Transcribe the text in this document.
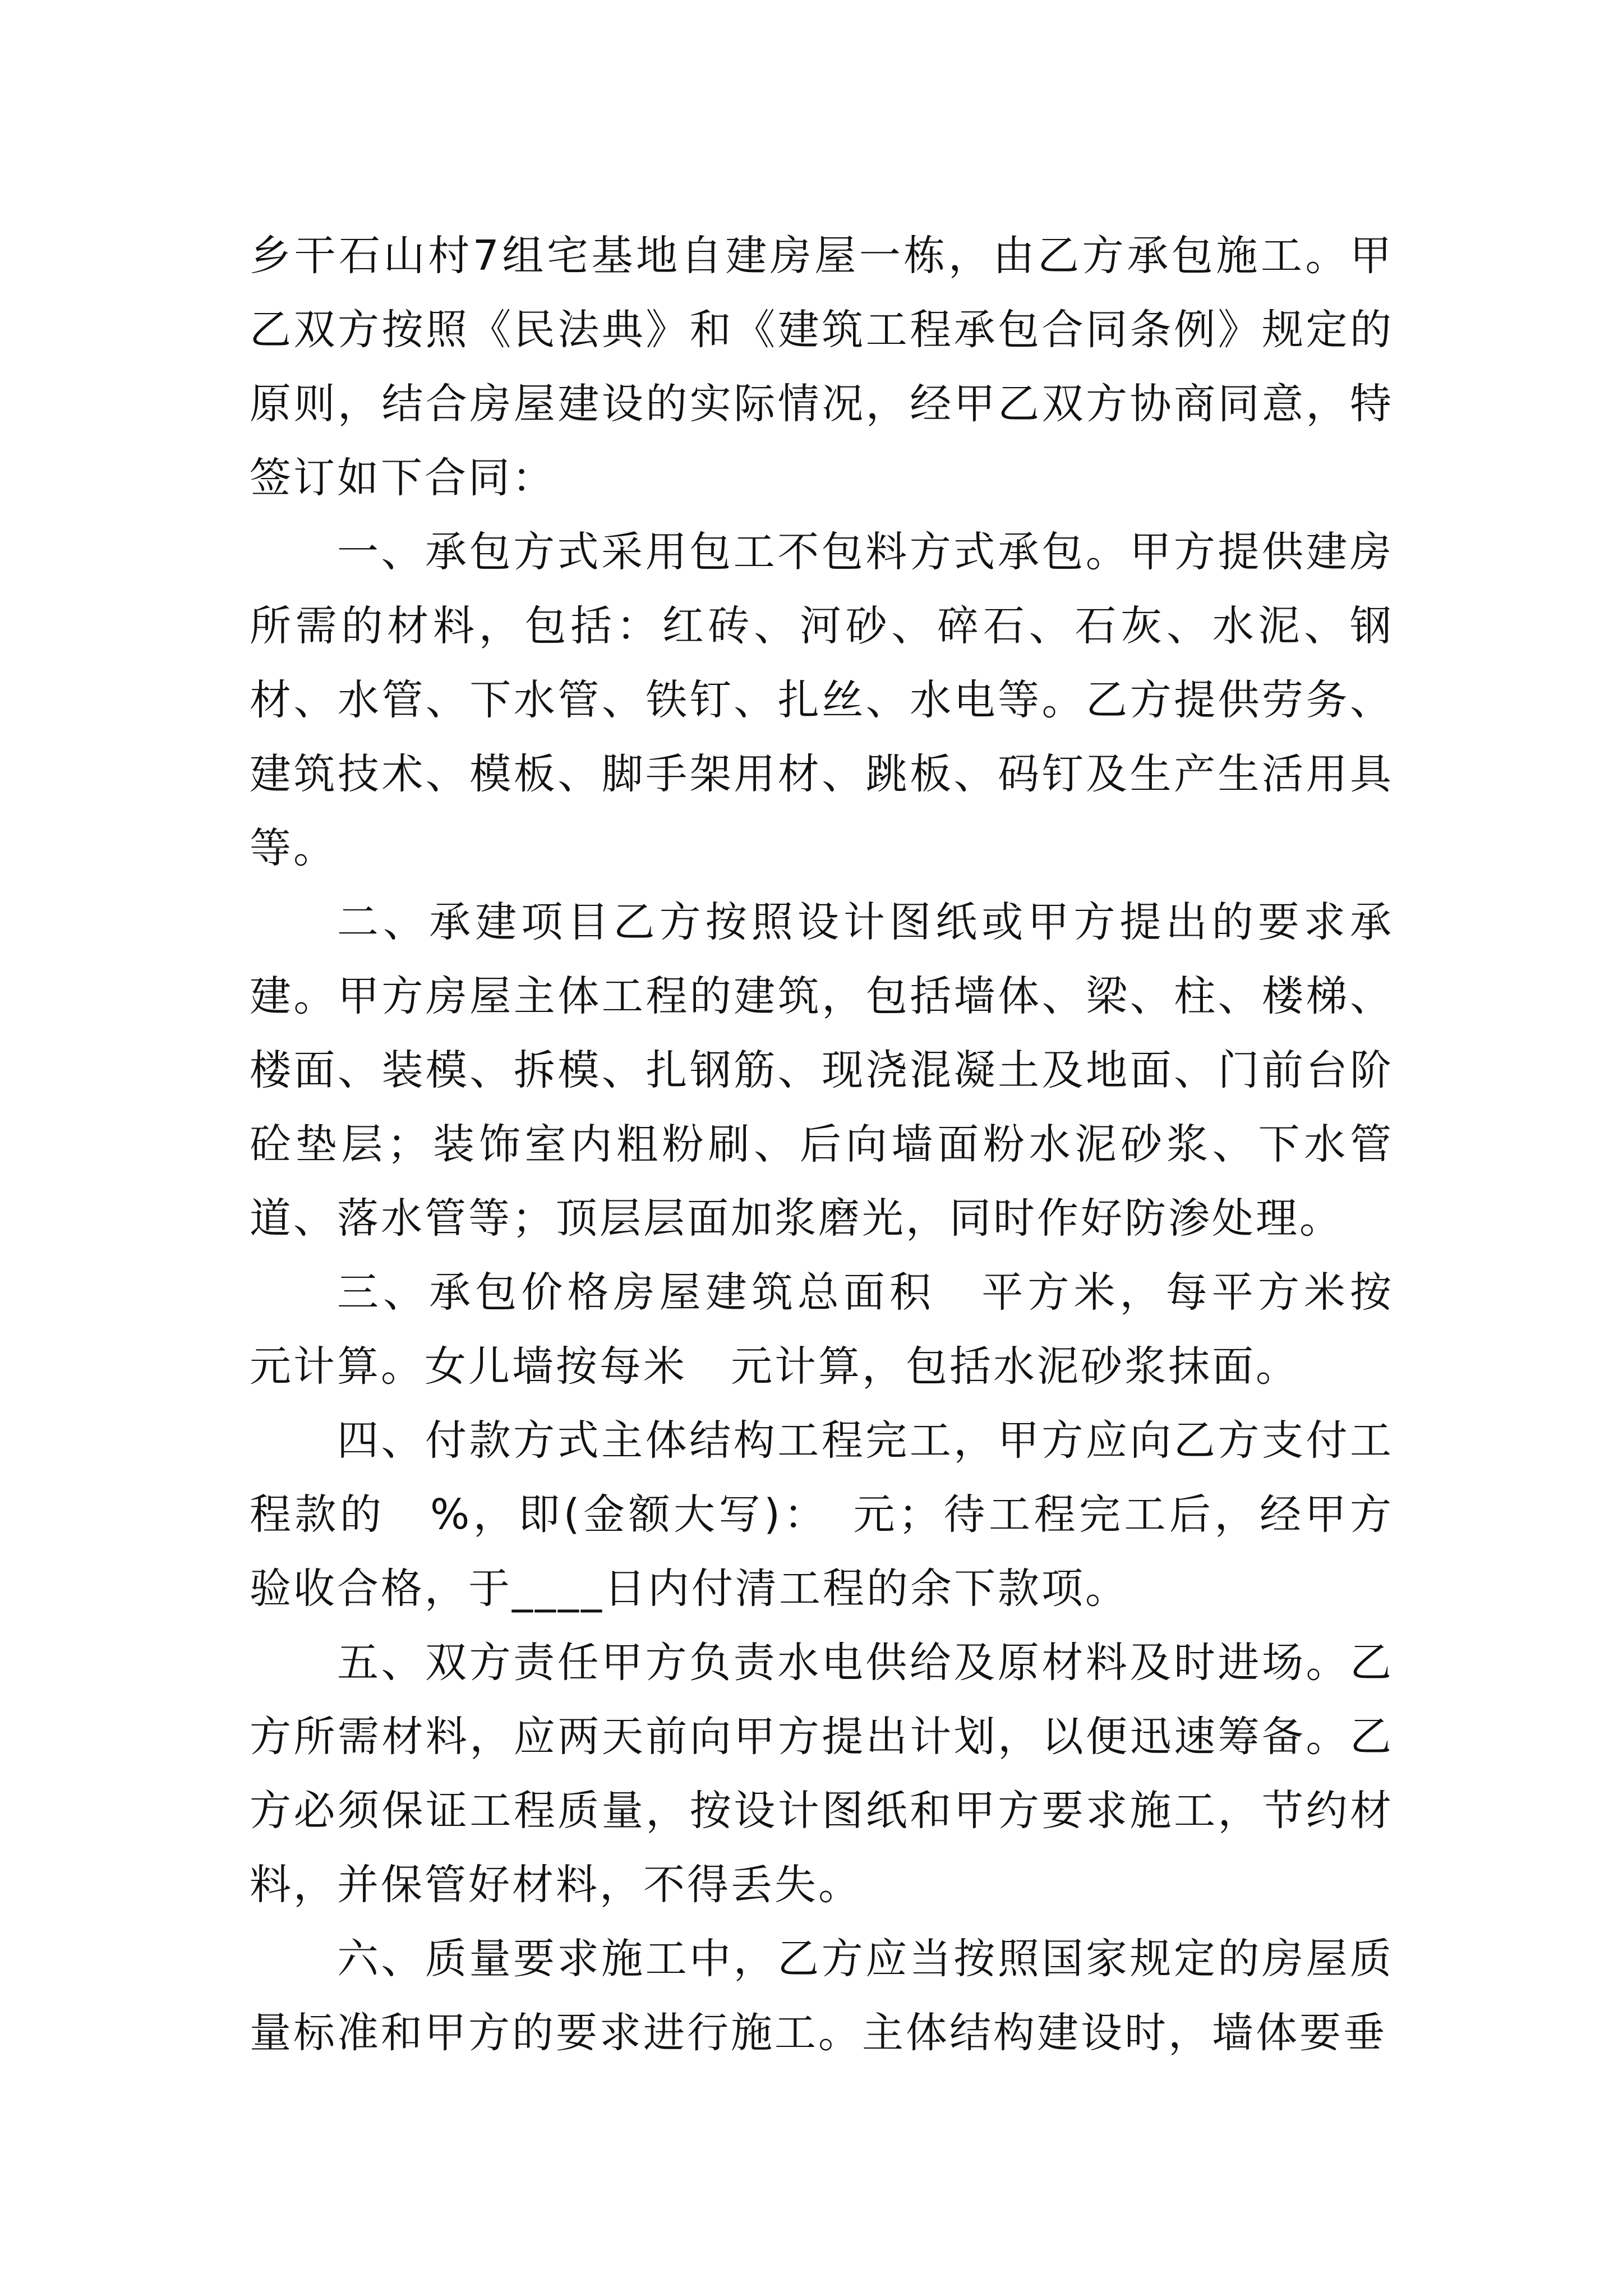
乡干石山村7组宅基地自建房屋一栋，由乙方承包施工。甲乙双方按照《民法典》和《建筑工程承包合同条例》规定的原则，结合房屋建设的实际情况，经甲乙双方协商同意，特签订如下合同：

一、承包方式采用包工不包料方式承包。甲方提供建房所需的材料，包括：红砖、河砂、碎石、石灰、水泥、钢材、水管、下水管、铁钉、扎丝、水电等。乙方提供劳务、建筑技术、模板、脚手架用材、跳板、码钉及生产生活用具等。

二、承建项目乙方按照设计图纸或甲方提出的要求承建。甲方房屋主体工程的建筑，包括墙体、梁、柱、楼梯、楼面、装模、拆模、扎钢筋、现浇混凝土及地面、门前台阶砼垫层；装饰室内粗粉刷、后向墙面粉水泥砂浆、下水管道、落水管等；顶层层面加浆磨光，同时作好防渗处理。

三、承包价格房屋建筑总面积　平方米，每平方米按　元计算。女儿墙按每米　元计算，包括水泥砂浆抹面。

四、付款方式主体结构工程完工，甲方应向乙方支付工程款的　%，即(金额大写)：　元；待工程完工后，经甲方验收合格，于____日内付清工程的余下款项。

五、双方责任甲方负责水电供给及原材料及时进场。乙方所需材料，应两天前向甲方提出计划，以便迅速筹备。乙方必须保证工程质量，按设计图纸和甲方要求施工，节约材料，并保管好材料，不得丢失。

六、质量要求施工中，乙方应当按照国家规定的房屋质量标准和甲方的要求进行施工。主体结构建设时，墙体要垂
